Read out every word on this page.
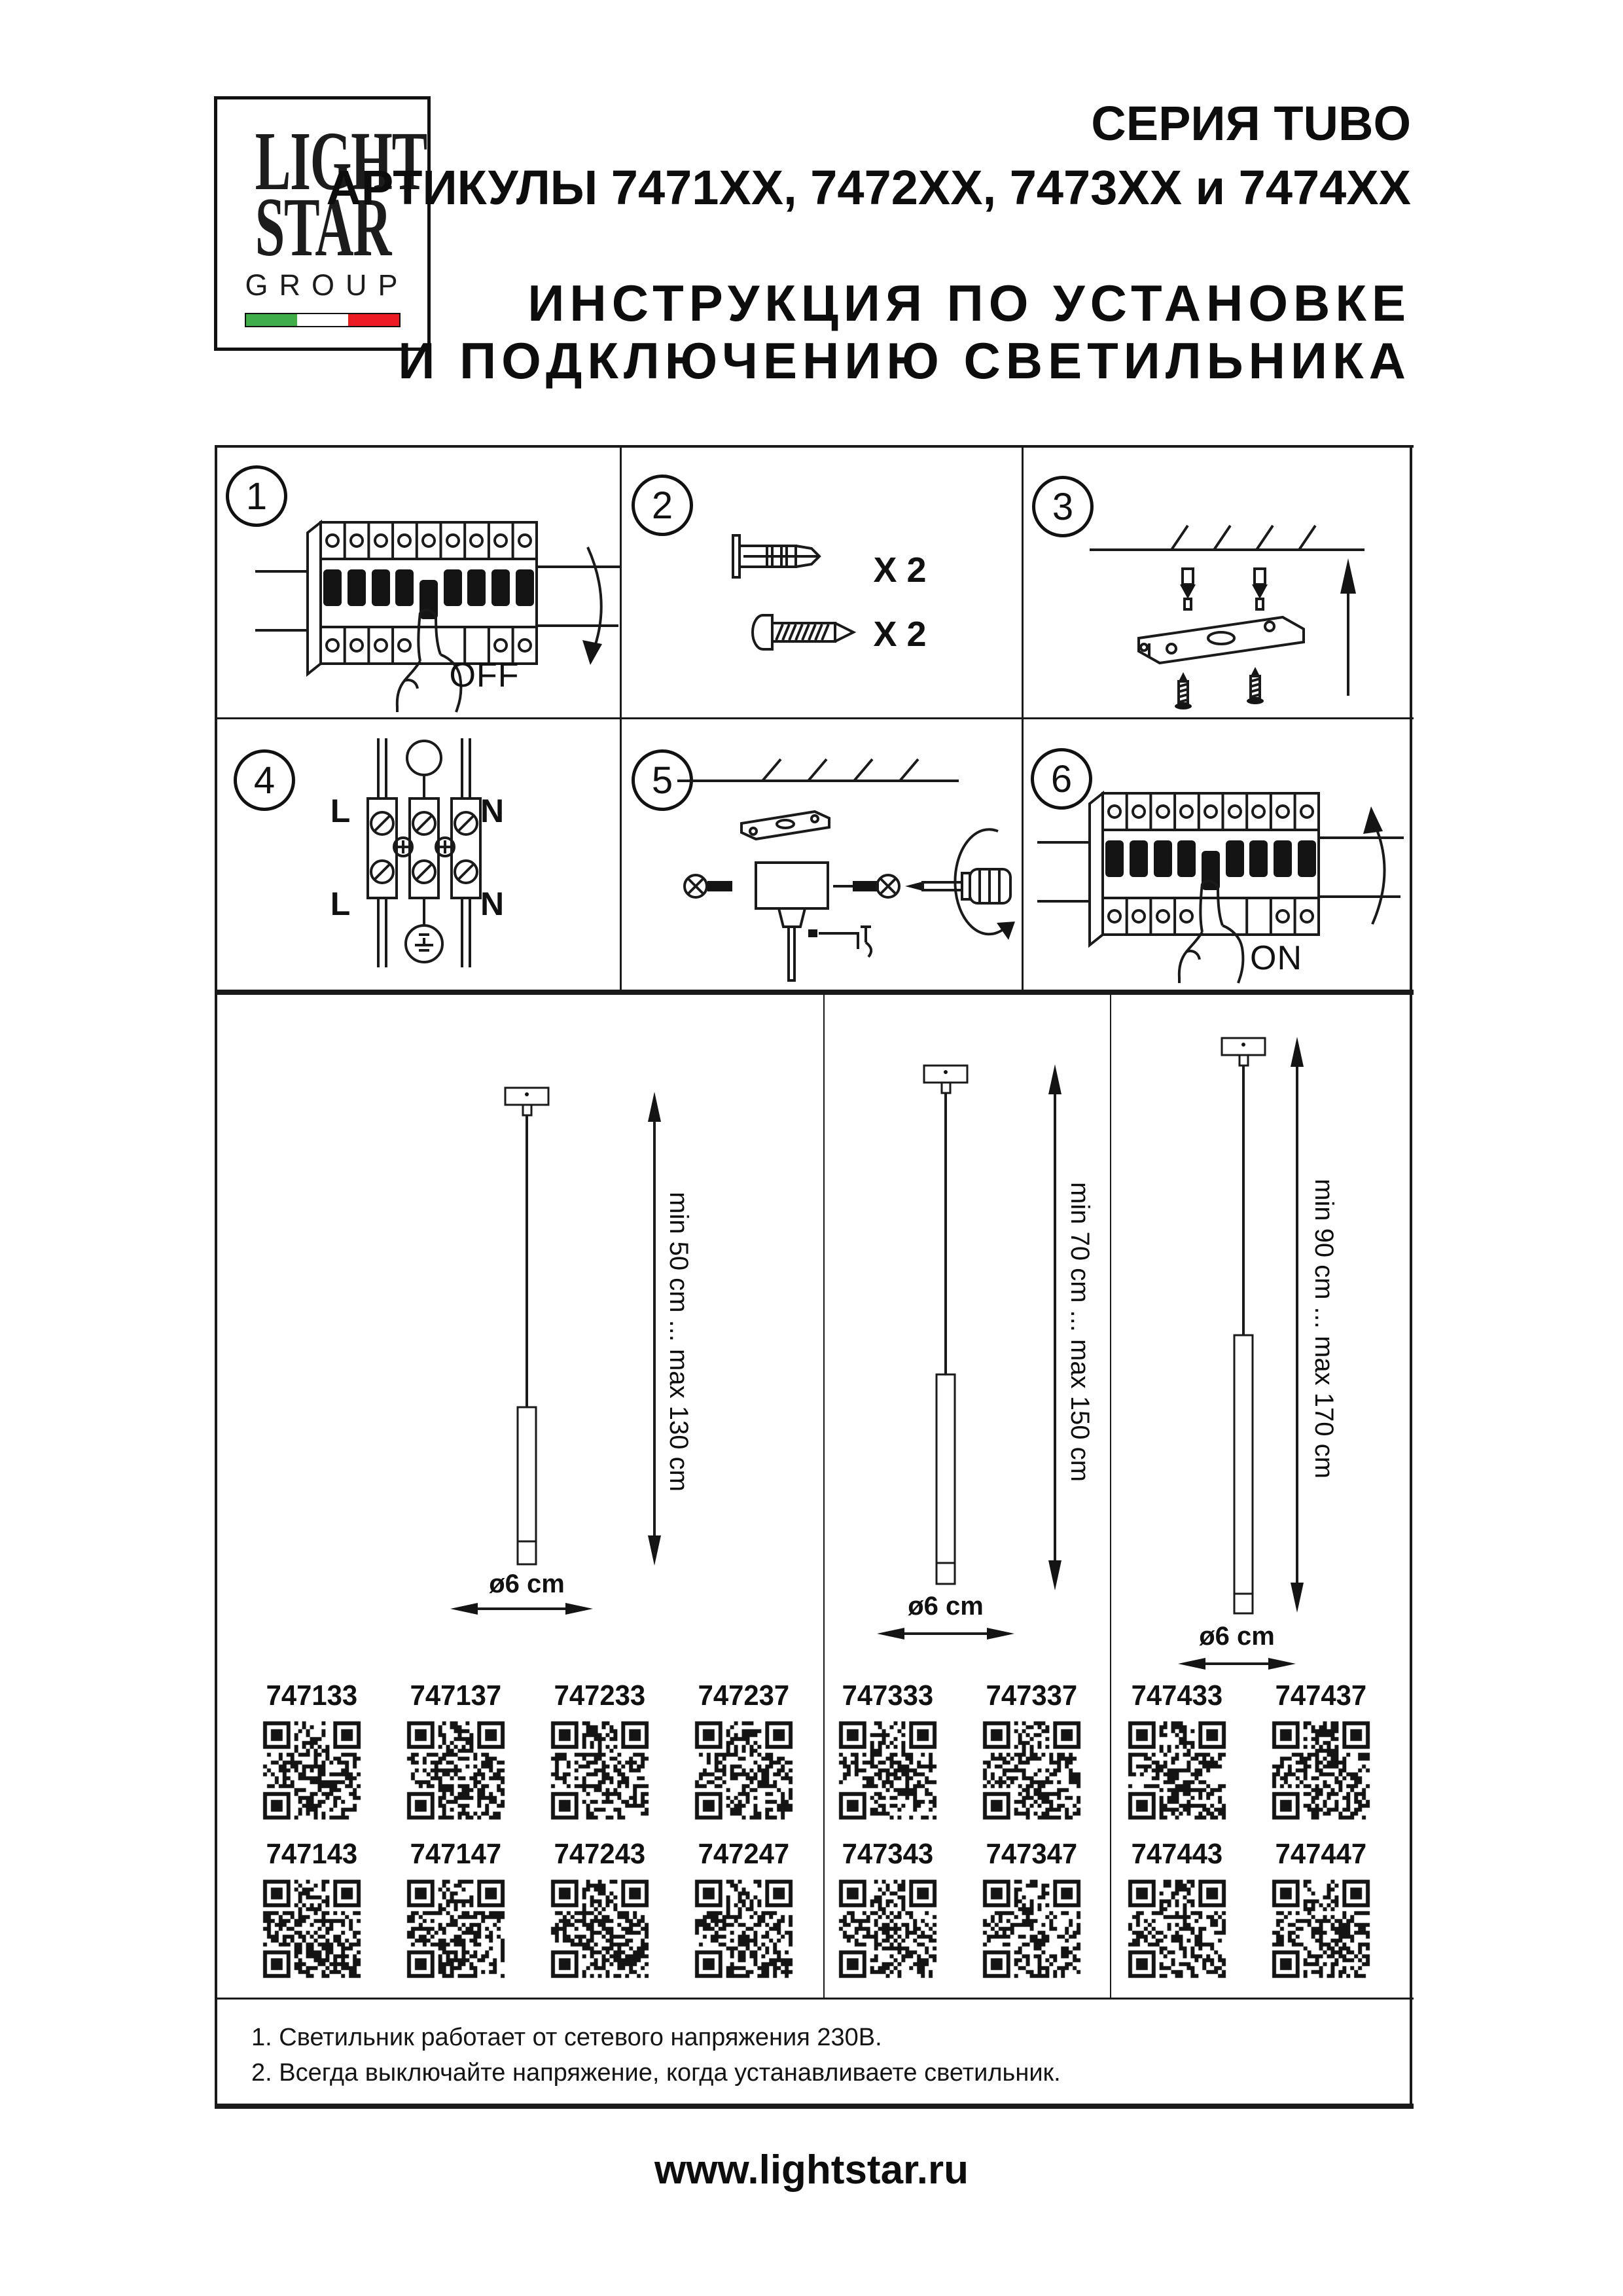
LIGHT
STAR
GROUP
СЕРИЯ TUBO
АРТИКУЛЫ 7471XX, 7472XX, 7473XX и 7474XX
ИНСТРУКЦИЯ ПО УСТАНОВКЕ
И ПОДКЛЮЧЕНИЮ СВЕТИЛЬНИКА
1	2	3
4	5	6
OFF
X 2
X 2
L	N
L	N
ON
min 50 cm ... max 130 cm
ø6 cm
min 70 cm ... max 150 cm
ø6 cm
min 90 cm ... max 170 cm
ø6 cm
747133 747137 747233 747237
747143 747147 747243 747247
747333 747337
747343 747347
747433 747437
747443 747447
1. Светильник работает от сетевого напряжения 230В.
2. Всегда выключайте напряжение, когда устанавливаете светильник.
www.lightstar.ru
